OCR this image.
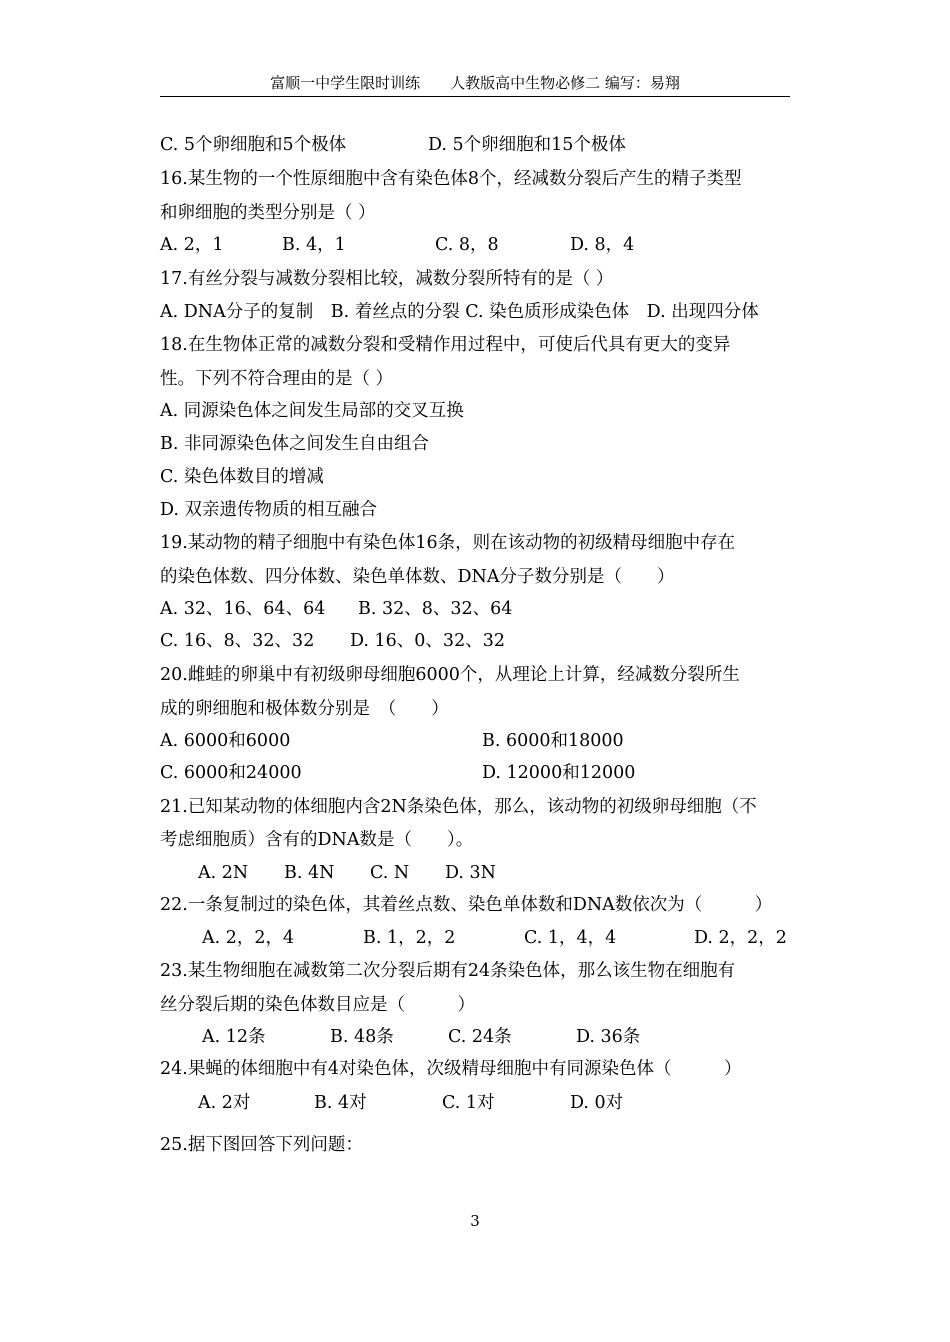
富顺一中学生限时训练　　人教版高中生物必修二 编写：易翔
C. 5个卵细胞和5个极体	D. 5个卵细胞和15个极体
16.某生物的一个性原细胞中含有染色体8个，经减数分裂后产生的精子类型
和卵细胞的类型分别是（ ）
A. 2，1	B. 4，1	C. 8，8	D. 8，4
17.有丝分裂与减数分裂相比较，减数分裂所特有的是（ ）
A. DNA分子的复制　B. 着丝点的分裂 C. 染色质形成染色体　D. 出现四分体
18.在生物体正常的减数分裂和受精作用过程中，可使后代具有更大的变异
性。下列不符合理由的是（ ）
A. 同源染色体之间发生局部的交叉互换
B. 非同源染色体之间发生自由组合
C. 染色体数目的增减
D. 双亲遗传物质的相互融合
19.某动物的精子细胞中有染色体16条，则在该动物的初级精母细胞中存在
的染色体数、四分体数、染色单体数、DNA分子数分别是（　　）
A. 32、16、64、64 B. 32、8、32、64
C. 16、8、32、32 D. 16、0、32、32
20.雌蛙的卵巢中有初级卵母细胞6000个，从理论上计算，经减数分裂所生
成的卵细胞和极体数分别是　（　　）
A. 6000和6000	B. 6000和18000
C. 6000和24000	D. 12000和12000
21.已知某动物的体细胞内含2N条染色体，那么，该动物的初级卵母细胞（不
考虑细胞质）含有的DNA数是（　　）。
A. 2N B. 4N C. N D. 3N
22.一条复制过的染色体，其着丝点数、染色单体数和DNA数依次为（　　　）
A. 2，2，4	B. 1，2，2	C. 1，4，4	D. 2，2，2
23.某生物细胞在减数第二次分裂后期有24条染色体，那么该生物在细胞有
丝分裂后期的染色体数目应是（　　　）
A. 12条	B. 48条	C. 24条	D. 36条
24.果蝇的体细胞中有4对染色体，次级精母细胞中有同源染色体（　　　）
A. 2对	B. 4对	C. 1对	D. 0对
25.据下图回答下列问题：
3
